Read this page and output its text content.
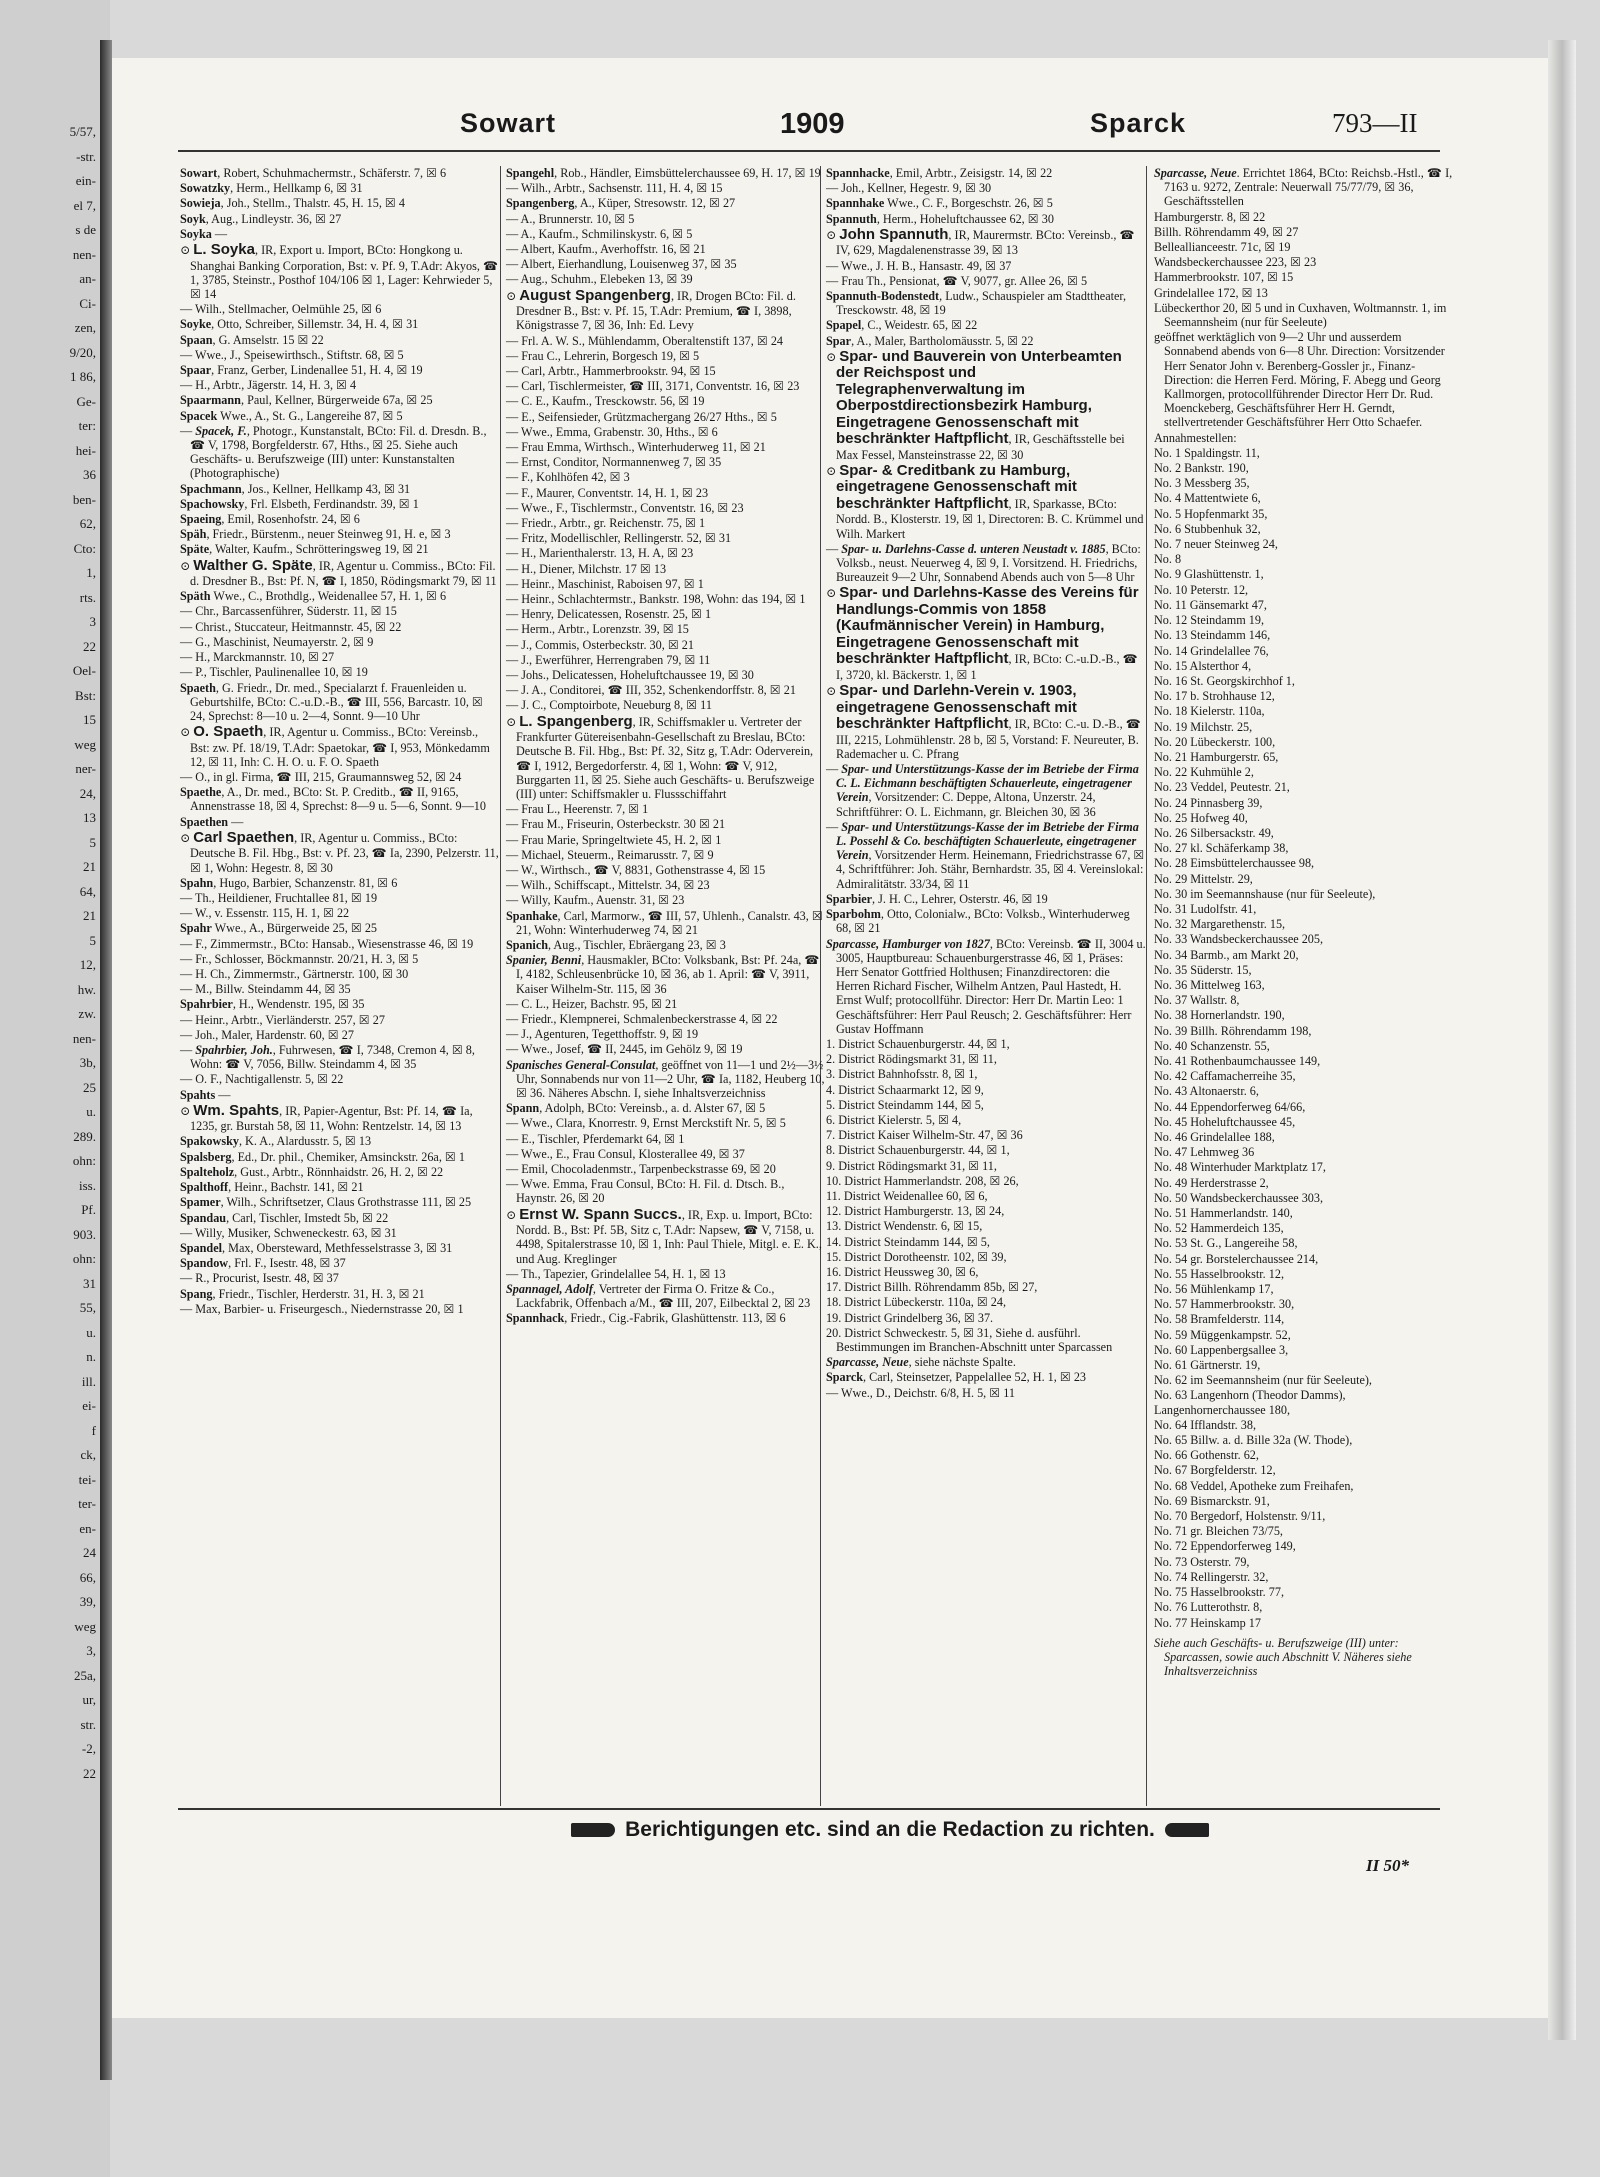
5/57,
-str.
ein-
el 7,
s de
nen-
an-
Ci-
zen,
9/20,
1 86,
Ge-
ter:
hei-
36
ben-
62,
Cto:
1,
rts.
3
22
Oel-
Bst:
15
weg
ner-
24,
13
5
21
64,
21
5
12,
hw.
zw.
nen-
3b,
25
u.
289.
ohn:
iss.
Pf.
903.
ohn:
31
55,
u.
n.
ill.
ei-
f
ck,
tei-
ter-
en-
24
66,
39,
weg
3,
25a,
ur,
str.
-2,
22
Sowart	1909	Sparck	793—II
Sowart, Robert, Schuhmachermstr., Schäferstr. 7, ☒ 6
Sowatzky, Herm., Hellkamp 6, ☒ 31
Sowieja, Joh., Stellm., Thalstr. 45, H. 15, ☒ 4
Soyk, Aug., Lindleystr. 36, ☒ 27
Soyka —
⊙ L. Soyka, IR, Export u. Import, BCto: Hongkong u. Shanghai Banking Corporation, Bst: v. Pf. 9, T.Adr: Akyos, ☎ 1, 3785, Steinstr., Posthof 104/106 ☒ 1, Lager: Kehrwieder 5, ☒ 14
— Wilh., Stellmacher, Oelmühle 25, ☒ 6
Soyke, Otto, Schreiber, Sillemstr. 34, H. 4, ☒ 31
Spaan, G. Amselstr. 15 ☒ 22
— Wwe., J., Speisewirthsch., Stiftstr. 68, ☒ 5
Spaar, Franz, Gerber, Lindenallee 51, H. 4, ☒ 19
— H., Arbtr., Jägerstr. 14, H. 3, ☒ 4
Spaarmann, Paul, Kellner, Bürgerweide 67a, ☒ 25
Spacek Wwe., A., St. G., Langereihe 87, ☒ 5
— Spacek, F., Photogr., Kunstanstalt, BCto: Fil. d. Dresdn. B., ☎ V, 1798, Borgfelderstr. 67, Hths., ☒ 25. Siehe auch Geschäfts- u. Berufszweige (III) unter: Kunstanstalten (Photographische)
Spachmann, Jos., Kellner, Hellkamp 43, ☒ 31
Spachowsky, Frl. Elsbeth, Ferdinandstr. 39, ☒ 1
Spaeing, Emil, Rosenhofstr. 24, ☒ 6
Späh, Friedr., Bürstenm., neuer Steinweg 91, H. e, ☒ 3
Späte, Walter, Kaufm., Schrötteringsweg 19, ☒ 21
⊙ Walther G. Späte, IR, Agentur u. Commiss., BCto: Fil. d. Dresdner B., Bst: Pf. N, ☎ I, 1850, Rödingsmarkt 79, ☒ 11
Späth Wwe., C., Brothdlg., Weidenallee 57, H. 1, ☒ 6
— Chr., Barcassenführer, Süderstr. 11, ☒ 15
— Christ., Stuccateur, Heitmannstr. 45, ☒ 22
— G., Maschinist, Neumayerstr. 2, ☒ 9
— H., Marckmannstr. 10, ☒ 27
— P., Tischler, Paulinenallee 10, ☒ 19
Spaeth, G. Friedr., Dr. med., Specialarzt f. Frauenleiden u. Geburtshilfe, BCto: C.-u.D.-B., ☎ III, 556, Barcastr. 10, ☒ 24, Sprechst: 8—10 u. 2—4, Sonnt. 9—10 Uhr
⊙ O. Spaeth, IR, Agentur u. Commiss., BCto: Vereinsb., Bst: zw. Pf. 18/19, T.Adr: Spaetokar, ☎ I, 953, Mönkedamm 12, ☒ 11, Inh: C. H. O. u. F. O. Spaeth
— O., in gl. Firma, ☎ III, 215, Graumannsweg 52, ☒ 24
Spaethe, A., Dr. med., BCto: St. P. Creditb., ☎ II, 9165, Annenstrasse 18, ☒ 4, Sprechst: 8—9 u. 5—6, Sonnt. 9—10
Spaethen —
⊙ Carl Spaethen, IR, Agentur u. Commiss., BCto: Deutsche B. Fil. Hbg., Bst: v. Pf. 23, ☎ Ia, 2390, Pelzerstr. 11, ☒ 1, Wohn: Hegestr. 8, ☒ 30
Spahn, Hugo, Barbier, Schanzenstr. 81, ☒ 6
— Th., Heildiener, Fruchtallee 81, ☒ 19
— W., v. Essenstr. 115, H. 1, ☒ 22
Spahr Wwe., A., Bürgerweide 25, ☒ 25
— F., Zimmermstr., BCto: Hansab., Wiesenstrasse 46, ☒ 19
— Fr., Schlosser, Böckmannstr. 20/21, H. 3, ☒ 5
— H. Ch., Zimmermstr., Gärtnerstr. 100, ☒ 30
— M., Billw. Steindamm 44, ☒ 35
Spahrbier, H., Wendenstr. 195, ☒ 35
— Heinr., Arbtr., Vierländerstr. 257, ☒ 27
— Joh., Maler, Hardenstr. 60, ☒ 27
— Spahrbier, Joh., Fuhrwesen, ☎ I, 7348, Cremon 4, ☒ 8, Wohn: ☎ V, 7056, Billw. Steindamm 4, ☒ 35
— O. F., Nachtigallenstr. 5, ☒ 22
Spahts —
⊙ Wm. Spahts, IR, Papier-Agentur, Bst: Pf. 14, ☎ Ia, 1235, gr. Burstah 58, ☒ 11, Wohn: Rentzelstr. 14, ☒ 13
Spakowsky, K. A., Alardusstr. 5, ☒ 13
Spalsberg, Ed., Dr. phil., Chemiker, Amsinckstr. 26a, ☒ 1
Spalteholz, Gust., Arbtr., Rönnhaidstr. 26, H. 2, ☒ 22
Spalthoff, Heinr., Bachstr. 141, ☒ 21
Spamer, Wilh., Schriftsetzer, Claus Grothstrasse 111, ☒ 25
Spandau, Carl, Tischler, Imstedt 5b, ☒ 22
— Willy, Musiker, Schweneckestr. 63, ☒ 31
Spandel, Max, Obersteward, Methfesselstrasse 3, ☒ 31
Spandow, Frl. F., Isestr. 48, ☒ 37
— R., Procurist, Isestr. 48, ☒ 37
Spang, Friedr., Tischler, Herderstr. 31, H. 3, ☒ 21
— Max, Barbier- u. Friseurgesch., Niedernstrasse 20, ☒ 1
Spangehl, Rob., Händler, Eimsbüttelerchaussee 69, H. 17, ☒ 19
— Wilh., Arbtr., Sachsenstr. 111, H. 4, ☒ 15
Spangenberg, A., Küper, Stresowstr. 12, ☒ 27
— A., Brunnerstr. 10, ☒ 5
— A., Kaufm., Schmilinskystr. 6, ☒ 5
— Albert, Kaufm., Averhoffstr. 16, ☒ 21
— Albert, Eierhandlung, Louisenweg 37, ☒ 35
— Aug., Schuhm., Elebeken 13, ☒ 39
⊙ August Spangenberg, IR, Drogen BCto: Fil. d. Dresdner B., Bst: v. Pf. 15, T.Adr: Premium, ☎ I, 3898, Königstrasse 7, ☒ 36, Inh: Ed. Levy
— Frl. A. W. S., Mühlendamm, Oberaltenstift 137, ☒ 24
— Frau C., Lehrerin, Borgesch 19, ☒ 5
— Carl, Arbtr., Hammerbrookstr. 94, ☒ 15
— Carl, Tischlermeister, ☎ III, 3171, Conventstr. 16, ☒ 23
— C. E., Kaufm., Tresckowstr. 56, ☒ 19
— E., Seifensieder, Grützmachergang 26/27 Hths., ☒ 5
— Wwe., Emma, Grabenstr. 30, Hths., ☒ 6
— Frau Emma, Wirthsch., Winterhuderweg 11, ☒ 21
— Ernst, Conditor, Normannenweg 7, ☒ 35
— F., Kohlhöfen 42, ☒ 3
— F., Maurer, Conventstr. 14, H. 1, ☒ 23
— Wwe., F., Tischlermstr., Conventstr. 16, ☒ 23
— Friedr., Arbtr., gr. Reichenstr. 75, ☒ 1
— Fritz, Modellischler, Rellingerstr. 52, ☒ 31
— H., Marienthalerstr. 13, H. A, ☒ 23
— H., Diener, Milchstr. 17 ☒ 13
— Heinr., Maschinist, Raboisen 97, ☒ 1
— Heinr., Schlachtermstr., Bankstr. 198, Wohn: das 194, ☒ 1
— Henry, Delicatessen, Rosenstr. 25, ☒ 1
— Herm., Arbtr., Lorenzstr. 39, ☒ 15
— J., Commis, Osterbeckstr. 30, ☒ 21
— J., Ewerführer, Herrengraben 79, ☒ 11
— Johs., Delicatessen, Hoheluftchaussee 19, ☒ 30
— J. A., Conditorei, ☎ III, 352, Schenkendorffstr. 8, ☒ 21
— J. C., Comptoirbote, Neueburg 8, ☒ 11
⊙ L. Spangenberg, IR, Schiffsmakler u. Vertreter der Frankfurter Gütereisenbahn-Gesellschaft zu Breslau, BCto: Deutsche B. Fil. Hbg., Bst: Pf. 32, Sitz g, T.Adr: Oderverein, ☎ I, 1912, Bergedorferstr. 4, ☒ 1, Wohn: ☎ V, 912, Burggarten 11, ☒ 25. Siehe auch Geschäfts- u. Berufszweige (III) unter: Schiffsmakler u. Flussschiffahrt
— Frau L., Heerenstr. 7, ☒ 1
— Frau M., Friseurin, Osterbeckstr. 30 ☒ 21
— Frau Marie, Springeltwiete 45, H. 2, ☒ 1
— Michael, Steuerm., Reimarusstr. 7, ☒ 9
— W., Wirthsch., ☎ V, 8831, Gothenstrasse 4, ☒ 15
— Wilh., Schiffscapt., Mittelstr. 34, ☒ 23
— Willy, Kaufm., Auenstr. 31, ☒ 23
Spanhake, Carl, Marmorw., ☎ III, 57, Uhlenh., Canalstr. 43, ☒ 21, Wohn: Winterhuderweg 74, ☒ 21
Spanich, Aug., Tischler, Ebräergang 23, ☒ 3
Spanier, Benni, Hausmakler, BCto: Volksbank, Bst: Pf. 24a, ☎ I, 4182, Schleusenbrücke 10, ☒ 36, ab 1. April: ☎ V, 3911, Kaiser Wilhelm-Str. 115, ☒ 36
— C. L., Heizer, Bachstr. 95, ☒ 21
— Friedr., Klempnerei, Schmalenbeckerstrasse 4, ☒ 22
— J., Agenturen, Tegetthoffstr. 9, ☒ 19
— Wwe., Josef, ☎ II, 2445, im Gehölz 9, ☒ 19
Spanisches General-Consulat, geöffnet von 11—1 und 2½—3½ Uhr, Sonnabends nur von 11—2 Uhr, ☎ Ia, 1182, Heuberg 10, ☒ 36. Näheres Abschn. I, siehe Inhaltsverzeichniss
Spann, Adolph, BCto: Vereinsb., a. d. Alster 67, ☒ 5
— Wwe., Clara, Knorrestr. 9, Ernst Merckstift Nr. 5, ☒ 5
— E., Tischler, Pferdemarkt 64, ☒ 1
— Wwe., E., Frau Consul, Klosterallee 49, ☒ 37
— Emil, Chocoladenmstr., Tarpenbeckstrasse 69, ☒ 20
— Wwe. Emma, Frau Consul, BCto: H. Fil. d. Dtsch. B., Haynstr. 26, ☒ 20
⊙ Ernst W. Spann Succs., IR, Exp. u. Import, BCto: Nordd. B., Bst: Pf. 5B, Sitz c, T.Adr: Napsew, ☎ V, 7158, u. 4498, Spitalerstrasse 10, ☒ 1, Inh: Paul Thiele, Mitgl. e. E. K., und Aug. Kreglinger
— Th., Tapezier, Grindelallee 54, H. 1, ☒ 13
Spannagel, Adolf, Vertreter der Firma O. Fritze & Co., Lackfabrik, Offenbach a/M., ☎ III, 207, Eilbecktal 2, ☒ 23
Spannhack, Friedr., Cig.-Fabrik, Glashüttenstr. 113, ☒ 6
Spannhacke, Emil, Arbtr., Zeisigstr. 14, ☒ 22
— Joh., Kellner, Hegestr. 9, ☒ 30
Spannhake Wwe., C. F., Borgeschstr. 26, ☒ 5
Spannuth, Herm., Hoheluftchaussee 62, ☒ 30
⊙ John Spannuth, IR, Maurermstr. BCto: Vereinsb., ☎ IV, 629, Magdalenenstrasse 39, ☒ 13
— Wwe., J. H. B., Hansastr. 49, ☒ 37
— Frau Th., Pensionat, ☎ V, 9077, gr. Allee 26, ☒ 5
Spannuth-Bodenstedt, Ludw., Schauspieler am Stadttheater, Tresckowstr. 48, ☒ 19
Spapel, C., Weidestr. 65, ☒ 22
Spar, A., Maler, Bartholomäusstr. 5, ☒ 22
⊙ Spar- und Bauverein von Unterbeamten der Reichspost und Telegraphenverwaltung im Oberpostdirectionsbezirk Hamburg, Eingetragene Genossenschaft mit beschränkter Haftpflicht, IR, Geschäftsstelle bei Max Fessel, Mansteinstrasse 22, ☒ 30
⊙ Spar- & Creditbank zu Hamburg, eingetragene Genossenschaft mit beschränkter Haftpflicht, IR, Sparkasse, BCto: Nordd. B., Klosterstr. 19, ☒ 1, Directoren: B. C. Krümmel und Wilh. Markert
— Spar- u. Darlehns-Casse d. unteren Neustadt v. 1885, BCto: Volksb., neust. Neuerweg 4, ☒ 9, I. Vorsitzend. H. Friedrichs, Bureauzeit 9—2 Uhr, Sonnabend Abends auch von 5—8 Uhr
⊙ Spar- und Darlehns-Kasse des Vereins für Handlungs-Commis von 1858 (Kaufmännischer Verein) in Hamburg, Eingetragene Genossenschaft mit beschränkter Haftpflicht, IR, BCto: C.-u.D.-B., ☎ I, 3720, kl. Bäckerstr. 1, ☒ 1
⊙ Spar- und Darlehn-Verein v. 1903, eingetragene Genossenschaft mit beschränkter Haftpflicht, IR, BCto: C.-u. D.-B., ☎ III, 2215, Lohmühlenstr. 28 b, ☒ 5, Vorstand: F. Neureuter, B. Rademacher u. C. Pfrang
— Spar- und Unterstützungs-Kasse der im Betriebe der Firma C. L. Eichmann beschäftigten Schauerleute, eingetragener Verein, Vorsitzender: C. Deppe, Altona, Unzerstr. 24, Schriftführer: O. L. Eichmann, gr. Bleichen 30, ☒ 36
— Spar- und Unterstützungs-Kasse der im Betriebe der Firma L. Possehl & Co. beschäftigten Schauerleute, eingetragener Verein, Vorsitzender Herm. Heinemann, Friedrichstrasse 67, ☒ 4, Schriftführer: Joh. Stähr, Bernhardstr. 35, ☒ 4. Vereinslokal: Admiralitätstr. 33/34, ☒ 11
Sparbier, J. H. C., Lehrer, Osterstr. 46, ☒ 19
Sparbohm, Otto, Colonialw., BCto: Volksb., Winterhuderweg 68, ☒ 21
Sparcasse, Hamburger von 1827, BCto: Vereinsb. ☎ II, 3004 u. 3005, Hauptbureau: Schauenburgerstrasse 46, ☒ 1, Präses: Herr Senator Gottfried Holthusen; Finanzdirectoren: die Herren Richard Fischer, Wilhelm Antzen, Paul Hastedt, H. Ernst Wulf; protocollführ. Director: Herr Dr. Martin Leo: 1 Geschäftsführer: Herr Paul Reusch; 2. Geschäftsführer: Herr Gustav Hoffmann
1. District Schauenburgerstr. 44, ☒ 1,
2. District Rödingsmarkt 31, ☒ 11,
3. District Bahnhofsstr. 8, ☒ 1,
4. District Schaarmarkt 12, ☒ 9,
5. District Steindamm 144, ☒ 5,
6. District Kielerstr. 5, ☒ 4,
7. District Kaiser Wilhelm-Str. 47, ☒ 36
8. District Schauenburgerstr. 44, ☒ 1,
9. District Rödingsmarkt 31, ☒ 11,
10. District Hammerlandstr. 208, ☒ 26,
11. District Weidenallee 60, ☒ 6,
12. District Hamburgerstr. 13, ☒ 24,
13. District Wendenstr. 6, ☒ 15,
14. District Steindamm 144, ☒ 5,
15. District Dorotheenstr. 102, ☒ 39,
16. District Heussweg 30, ☒ 6,
17. District Billh. Röhrendamm 85b, ☒ 27,
18. District Lübeckerstr. 110a, ☒ 24,
19. District Grindelberg 36, ☒ 37.
20. District Schweckestr. 5, ☒ 31, Siehe d. ausführl. Bestimmungen im Branchen-Abschnitt unter Sparcassen
Sparcasse, Neue, siehe nächste Spalte.
Sparck, Carl, Steinsetzer, Pappelallee 52, H. 1, ☒ 23
— Wwe., D., Deichstr. 6/8, H. 5, ☒ 11
Sparcasse, Neue. Errichtet 1864, BCto: Reichsb.-Hstl., ☎ I, 7163 u. 9272, Zentrale: Neuerwall 75/77/79, ☒ 36, Geschäftsstellen
Hamburgerstr. 8, ☒ 22
Billh. Röhrendamm 49, ☒ 27
Belleallianceestr. 71c, ☒ 19
Wandsbeckerchaussee 223, ☒ 23
Hammerbrookstr. 107, ☒ 15
Grindelallee 172, ☒ 13
Lübeckerthor 20, ☒ 5 und in Cuxhaven, Woltmannstr. 1, im Seemannsheim (nur für Seeleute)
geöffnet werktäglich von 9—2 Uhr und ausserdem Sonnabend abends von 6—8 Uhr. Direction: Vorsitzender Herr Senator John v. Berenberg-Gossler jr., Finanz-Direction: die Herren Ferd. Möring, F. Abegg und Georg Kallmorgen, protocollführender Director Herr Dr. Rud. Moenckeberg, Geschäftsführer Herr H. Gerndt, stellvertretender Geschäftsführer Herr Otto Schaefer.
Annahmestellen:
No. 1 Spaldingstr. 11,
No. 2 Bankstr. 190,
No. 3 Messberg 35,
No. 4 Mattentwiete 6,
No. 5 Hopfenmarkt 35,
No. 6 Stubbenhuk 32,
No. 7 neuer Steinweg 24,
No. 8
No. 9 Glashüttenstr. 1,
No. 10 Peterstr. 12,
No. 11 Gänsemarkt 47,
No. 12 Steindamm 19,
No. 13 Steindamm 146,
No. 14 Grindelallee 76,
No. 15 Alsterthor 4,
No. 16 St. Georgskirchhof 1,
No. 17 b. Strohhause 12,
No. 18 Kielerstr. 110a,
No. 19 Milchstr. 25,
No. 20 Lübeckerstr. 100,
No. 21 Hamburgerstr. 65,
No. 22 Kuhmühle 2,
No. 23 Veddel, Peutestr. 21,
No. 24 Pinnasberg 39,
No. 25 Hofweg 40,
No. 26 Silbersackstr. 49,
No. 27 kl. Schäferkamp 38,
No. 28 Eimsbüttelerchaussee 98,
No. 29 Mittelstr. 29,
No. 30 im Seemannshause (nur für Seeleute),
No. 31 Ludolfstr. 41,
No. 32 Margarethenstr. 15,
No. 33 Wandsbeckerchaussee 205,
No. 34 Barmb., am Markt 20,
No. 35 Süderstr. 15,
No. 36 Mittelweg 163,
No. 37 Wallstr. 8,
No. 38 Hornerlandstr. 190,
No. 39 Billh. Röhrendamm 198,
No. 40 Schanzenstr. 55,
No. 41 Rothenbaumchaussee 149,
No. 42 Caffamacherreihe 35,
No. 43 Altonaerstr. 6,
No. 44 Eppendorferweg 64/66,
No. 45 Hoheluftchaussee 45,
No. 46 Grindelallee 188,
No. 47 Lehmweg 36
No. 48 Winterhuder Marktplatz 17,
No. 49 Herderstrasse 2,
No. 50 Wandsbeckerchaussee 303,
No. 51 Hammerlandstr. 140,
No. 52 Hammerdeich 135,
No. 53 St. G., Langereihe 58,
No. 54 gr. Borstelerchaussee 214,
No. 55 Hasselbrookstr. 12,
No. 56 Mühlenkamp 17,
No. 57 Hammerbrookstr. 30,
No. 58 Bramfelderstr. 114,
No. 59 Müggenkampstr. 52,
No. 60 Lappenbergsallee 3,
No. 61 Gärtnerstr. 19,
No. 62 im Seemannsheim (nur für Seeleute),
No. 63 Langenhorn (Theodor Damms), Langenhornerchaussee 180,
No. 64 Ifflandstr. 38,
No. 65 Billw. a. d. Bille 32a (W. Thode),
No. 66 Gothenstr. 62,
No. 67 Borgfelderstr. 12,
No. 68 Veddel, Apotheke zum Freihafen,
No. 69 Bismarckstr. 91,
No. 70 Bergedorf, Holstenstr. 9/11,
No. 71 gr. Bleichen 73/75,
No. 72 Eppendorferweg 149,
No. 73 Osterstr. 79,
No. 74 Rellingerstr. 32,
No. 75 Hasselbrookstr. 77,
No. 76 Lutterothstr. 8,
No. 77 Heinskamp 17
Siehe auch Geschäfts- u. Berufszweige (III) unter: Sparcassen, sowie auch Abschnitt V. Näheres siehe Inhaltsverzeichniss
Berichtigungen etc. sind an die Redaction zu richten.
II 50*
